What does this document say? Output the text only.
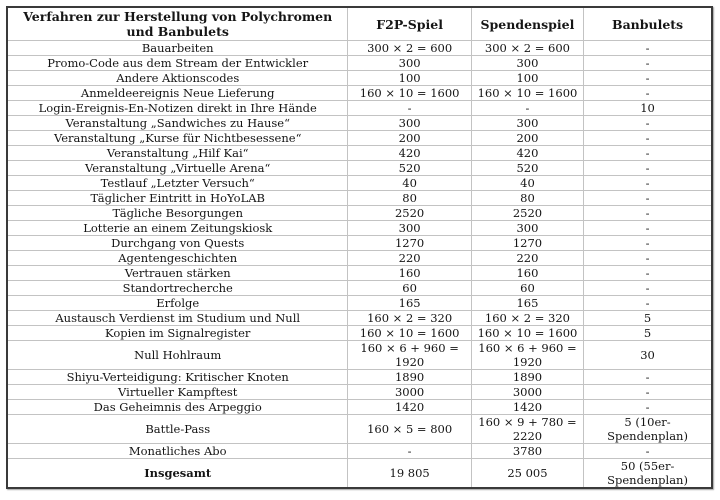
Verfahren zur Herstellung von Polychromen und Banbulets	F2P-Spiel	Spendenspiel	Banbulets
Bauarbeiten	300 × 2 = 600	300 × 2 = 600	-
Promo-Code aus dem Stream der Entwickler	300	300	-
Andere Aktionscodes	100	100	-
Anmeldeereignis Neue Lieferung	160 × 10 = 1600	160 × 10 = 1600	-
Login-Ereignis-En-Notizen direkt in Ihre Hände	-	-	10
Veranstaltung „Sandwiches zu Hause“	300	300	-
Veranstaltung „Kurse für Nichtbesessene“	200	200	-
Veranstaltung „Hilf Kai“	420	420	-
Veranstaltung „Virtuelle Arena“	520	520	-
Testlauf „Letzter Versuch“	40	40	-
Täglicher Eintritt in HoYoLAB	80	80	-
Tägliche Besorgungen	2520	2520	-
Lotterie an einem Zeitungskiosk	300	300	-
Durchgang von Quests	1270	1270	-
Agentengeschichten	220	220	-
Vertrauen stärken	160	160	-
Standortrecherche	60	60	-
Erfolge	165	165	-
Austausch Verdienst im Studium und Null	160 × 2 = 320	160 × 2 = 320	5
Kopien im Signalregister	160 × 10 = 1600	160 × 10 = 1600	5
Null Hohlraum	160 × 6 + 960 = 1920	160 × 6 + 960 = 1920	30
Shiyu-Verteidigung: Kritischer Knoten	1890	1890	-
Virtueller Kampftest	3000	3000	-
Das Geheimnis des Arpeggio	1420	1420	-
Battle-Pass	160 × 5 = 800	160 × 9 + 780 = 2220	5 (10er-Spendenplan)
Monatliches Abo	-	3780	-
Insgesamt	19 805	25 005	50 (55er-Spendenplan)
